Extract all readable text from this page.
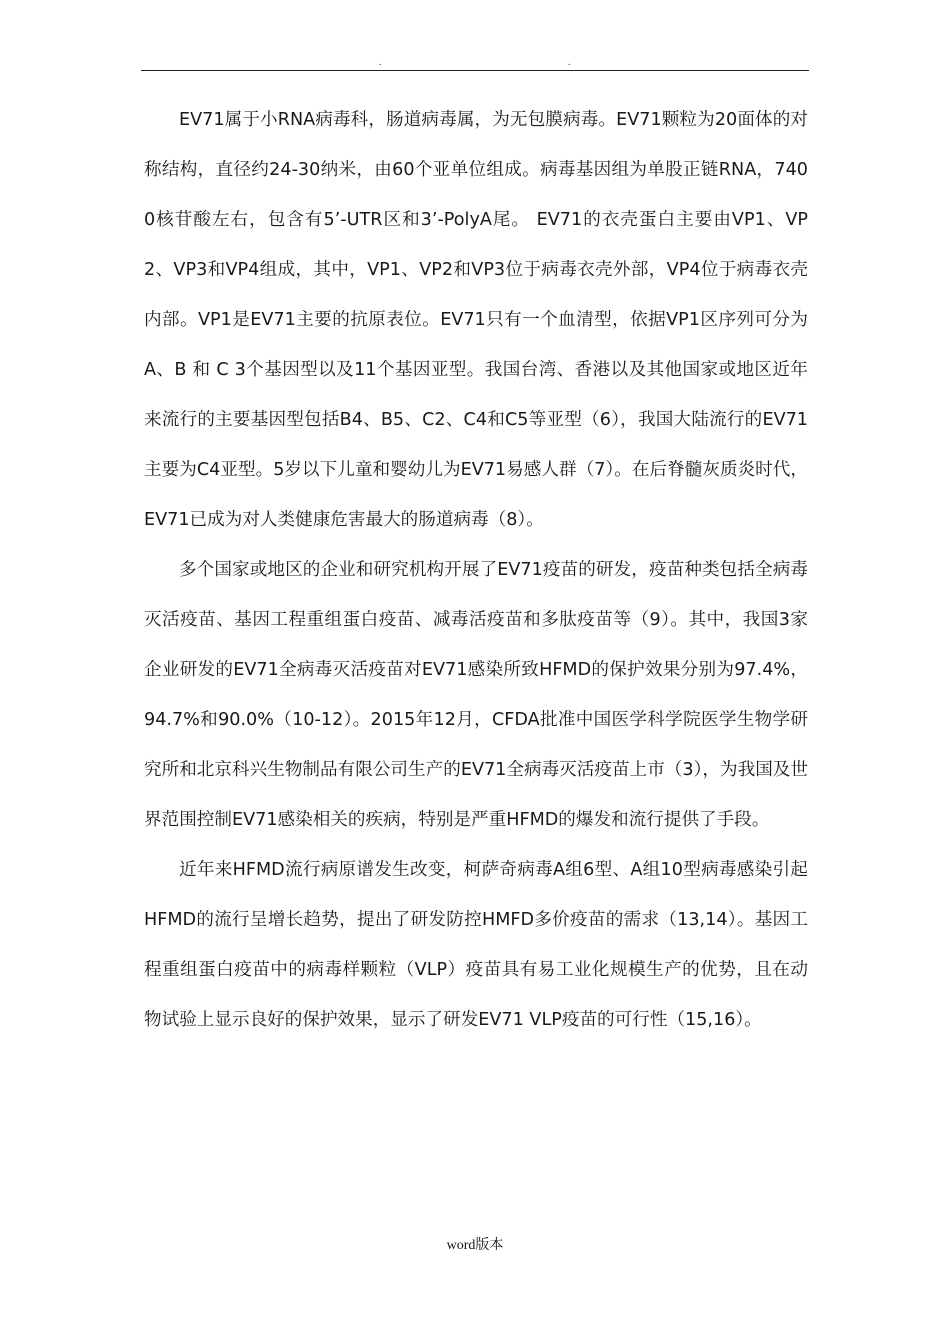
.	.

EV71属于小RNA病毒科，肠道病毒属，为无包膜病毒。EV71颗粒为20面体的对称结构，直径约24-30纳米，由60个亚单位组成。病毒基因组为单股正链RNA，7400核苷酸左右，包含有5’-UTR区和3’-PolyA尾。 EV71的衣壳蛋白主要由VP1、VP2、VP3和VP4组成，其中，VP1、VP2和VP3位于病毒衣壳外部，VP4位于病毒衣壳内部。VP1是EV71主要的抗原表位。EV71只有一个血清型，依据VP1区序列可分为A、B 和 C 3个基因型以及11个基因亚型。我国台湾、香港以及其他国家或地区近年来流行的主要基因型包括B4、B5、C2、C4和C5等亚型（6），我国大陆流行的EV71主要为C4亚型。5岁以下儿童和婴幼儿为EV71易感人群（7）。在后脊髓灰质炎时代，EV71已成为对人类健康危害最大的肠道病毒（8）。

多个国家或地区的企业和研究机构开展了EV71疫苗的研发，疫苗种类包括全病毒灭活疫苗、基因工程重组蛋白疫苗、减毒活疫苗和多肽疫苗等（9）。其中，我国3家企业研发的EV71全病毒灭活疫苗对EV71感染所致HFMD的保护效果分别为97.4%，94.7%和90.0%（10-12）。2015年12月，CFDA批准中国医学科学院医学生物学研究所和北京科兴生物制品有限公司生产的EV71全病毒灭活疫苗上市（3），为我国及世界范围控制EV71感染相关的疾病，特别是严重HFMD的爆发和流行提供了手段。

近年来HFMD流行病原谱发生改变，柯萨奇病毒A组6型、A组10型病毒感染引起HFMD的流行呈增长趋势，提出了研发防控HMFD多价疫苗的需求（13,14）。基因工程重组蛋白疫苗中的病毒样颗粒（VLP）疫苗具有易工业化规模生产的优势，且在动物试验上显示良好的保护效果，显示了研发EV71 VLP疫苗的可行性（15,16）。

word版本
